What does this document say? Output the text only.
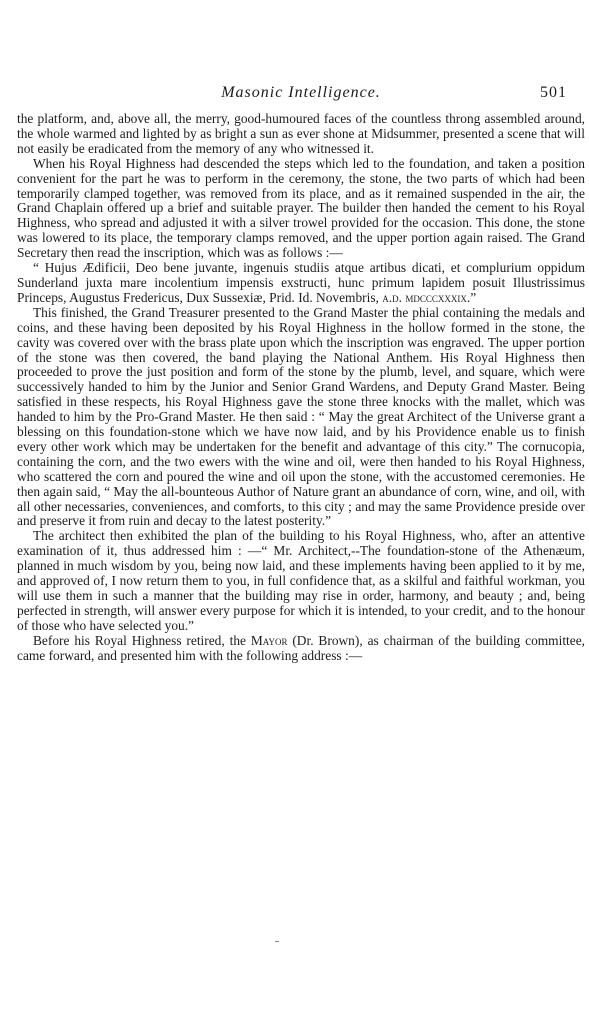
Masonic Intelligence.	501

the platform, and, above all, the merry, good-humoured faces of the countless throng assembled around, the whole warmed and lighted by as bright a sun as ever shone at Midsummer, presented a scene that will not easily be eradicated from the memory of any who witnessed it.

When his Royal Highness had descended the steps which led to the foundation, and taken a position convenient for the part he was to perform in the ceremony, the stone, the two parts of which had been temporarily clamped together, was removed from its place, and as it remained suspended in the air, the Grand Chaplain offered up a brief and suitable prayer. The builder then handed the cement to his Royal Highness, who spread and adjusted it with a silver trowel provided for the occasion. This done, the stone was lowered to its place, the temporary clamps removed, and the upper portion again raised. The Grand Secretary then read the inscription, which was as follows :—

“ Hujus Ædificii, Deo bene juvante, ingenuis studiis atque artibus dicati, et complurium oppidum Sunderland juxta mare incolentium impensis exstructi, hunc primum lapidem posuit Illustrissimus Princeps, Augustus Fredericus, Dux Sussexiæ, Prid. Id. Novembris, a.d. mdcccxxxix.”

This finished, the Grand Treasurer presented to the Grand Master the phial containing the medals and coins, and these having been deposited by his Royal Highness in the hollow formed in the stone, the cavity was covered over with the brass plate upon which the inscription was engraved. The upper portion of the stone was then covered, the band playing the National Anthem. His Royal Highness then proceeded to prove the just position and form of the stone by the plumb, level, and square, which were successively handed to him by the Junior and Senior Grand Wardens, and Deputy Grand Master. Being satisfied in these respects, his Royal Highness gave the stone three knocks with the mallet, which was handed to him by the Pro-Grand Master. He then said : “ May the great Architect of the Universe grant a blessing on this foundation-stone which we have now laid, and by his Providence enable us to finish every other work which may be undertaken for the benefit and advantage of this city.” The cornucopia, containing the corn, and the two ewers with the wine and oil, were then handed to his Royal Highness, who scattered the corn and poured the wine and oil upon the stone, with the accustomed ceremonies. He then again said, “ May the all-bounteous Author of Nature grant an abundance of corn, wine, and oil, with all other necessaries, conveniences, and comforts, to this city ; and may the same Providence preside over and preserve it from ruin and decay to the latest posterity.”

The architect then exhibited the plan of the building to his Royal Highness, who, after an attentive examination of it, thus addressed him : —“ Mr. Architect,--The foundation-stone of the Athenæum, planned in much wisdom by you, being now laid, and these implements having been applied to it by me, and approved of, I now return them to you, in full confidence that, as a skilful and faithful workman, you will use them in such a manner that the building may rise in order, harmony, and beauty ; and, being perfected in strength, will answer every purpose for which it is intended, to your credit, and to the honour of those who have selected you.”

Before his Royal Highness retired, the Mayor (Dr. Brown), as chairman of the building committee, came forward, and presented him with the following address :—
